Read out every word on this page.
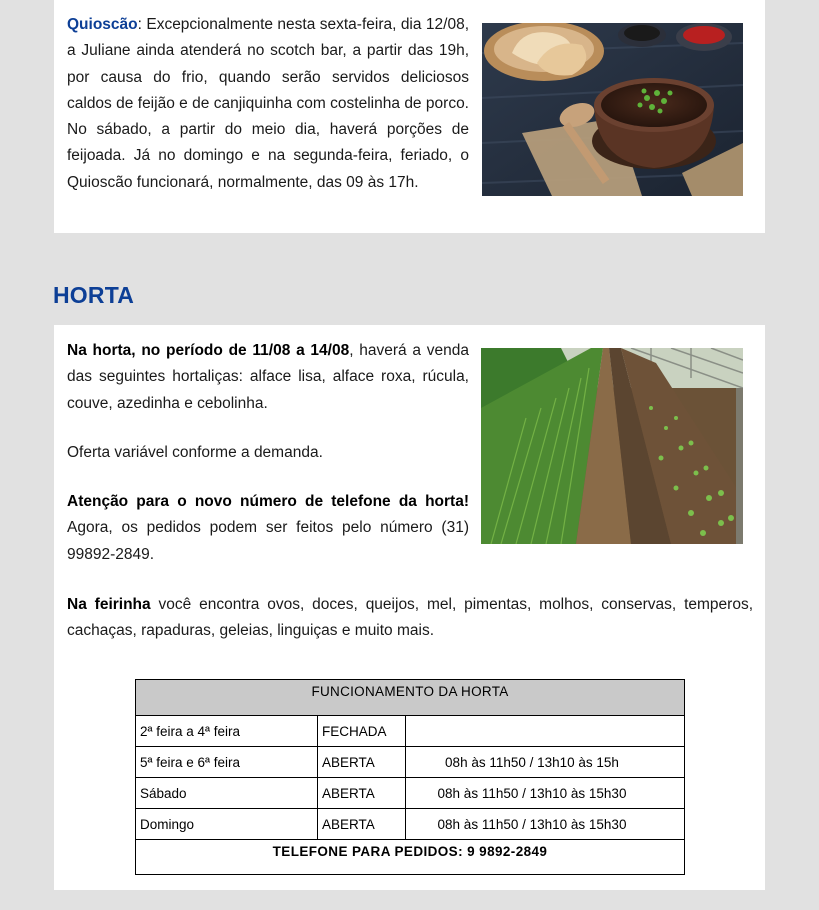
Quioscão: Excepcionalmente nesta sexta-feira, dia 12/08, a Juliane ainda atenderá no scotch bar, a partir das 19h, por causa do frio, quando serão servidos deliciosos caldos de feijão e de canjiquinha com costelinha de porco. No sábado, a partir do meio dia, haverá porções de feijoada. Já no domingo e na segunda-feira, feriado, o Quioscão funcionará, normalmente, das 09 às 17h.

HORTA

Na horta, no período de 11/08 a 14/08, haverá a venda das seguintes hortaliças: alface lisa, alface roxa, rúcula, couve, azedinha e cebolinha.

Oferta variável conforme a demanda.

Atenção para o novo número de telefone da horta! Agora, os pedidos podem ser feitos pelo número (31) 99892-2849.

Na feirinha você encontra ovos, doces, queijos, mel, pimentas, molhos, conservas, temperos, cachaças, rapaduras, geleias, linguiças e muito mais.

FUNCIONAMENTO DA HORTA		
2ª feira a 4ª feira	FECHADA	
5ª feira e 6ª feira	ABERTA	08h às 11h50 / 13h10 às 15h
Sábado	ABERTA	08h às 11h50 / 13h10 às 15h30
Domingo	ABERTA	08h às 11h50 / 13h10 às 15h30
TELEFONE PARA PEDIDOS: 9 9892-2849		
